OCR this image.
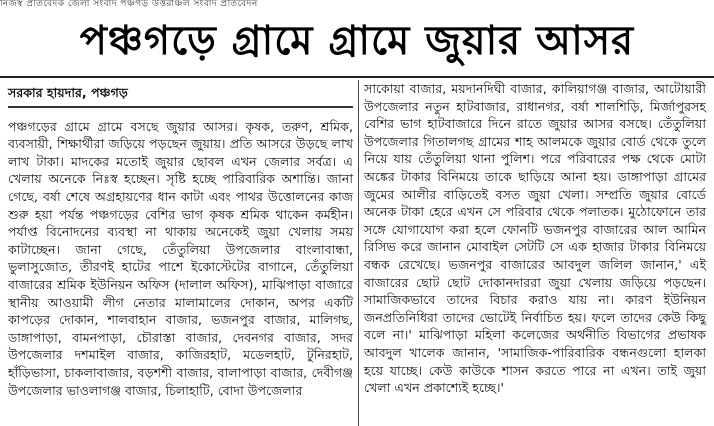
নিজস্ব প্রতিবেদক জেলা সংবাদ পঞ্চগড় উত্তরাঞ্চল সংবাদ প্রতিবেদন
পঞ্চগড়ে গ্রামে গ্রামে জুয়ার আসর
সরকার হায়দার, পঞ্চগড়

পঞ্চগড়ের গ্রামে গ্রামে বসছে জুয়ার আসর। কৃষক, তরুণ, শ্রমিক, ব্যবসায়ী, শিক্ষার্থীরা জড়িয়ে পড়ছেন জুয়ায়। প্রতি আসরে উড়ছে লাখ লাখ টাকা। মাদকের মতোই জুয়ার ছোবল এখন জেলার সর্বত্র। এ খেলায় অনেকে নিঃস্ব হচ্ছেন। সৃষ্টি হচ্ছে পারিবারিক অশান্তি। জানা গেছে, বর্ষা শেষে অগ্রহায়ণের ধান কাটা এবং পাথর উত্তোলনের কাজ শুরু হয়া পর্যন্ত পঞ্চগড়ের বেশির ভাগ কৃষক শ্রমিক থাকেন কর্মহীন। পর্যাপ্ত বিনোদনের ব্যবস্থা না থাকায় অনেকেই জুয়া খেলায় সময় কাটাচ্ছেন। জানা গেছে, তেঁতুলিয়া উপজেলার বাংলাবান্ধা, ভুলাসুজোত, তীরণই হাটের পাশে ইকোস্টেটের বাগানে, তেঁতুলিয়া বাজারের শ্রমিক ইউনিয়ন অফিস (দালাল অফিস), মাঝিপাড়া বাজারে স্থানীয় আওয়ামী লীগ নেতার মালামালের দোকান, অপর একটি কাপড়ের দোকান, শালবাহান বাজার, ভজনপুর বাজার, মালিগছ, ডাঙ্গাপাড়া, বামনপাড়া, চৌরাস্তা বাজার, দেবনগর বাজার, সদর উপজেলার দশমাইল বাজার, কাজিরহাট, মডেলহাট, টুনিরহাট, হাঁড়িভাসা, চাকলাবাজার, বড়শশী বাজার, বালাপাড়া বাজার, দেবীগঞ্জ উপজেলার ভাওলাগঞ্জ বাজার, চিলাহাটি, বোদা উপজেলার

সাকোয়া বাজার, ময়দানদিঘী বাজার, কালিয়াগঞ্জ বাজার, আটোয়ারী উপজেলার নতুন হাটবাজার, রাধানগর, বর্ষা শালশিড়ি, মির্জাপুরসহ বেশির ভাগ হাটবাজারে দিনে রাতে জুয়ার আসর বসছে। তেঁতুলিয়া উপজেলার গিতালগছ গ্রামের শাহ আলমকে জুয়ার বোর্ড থেকে তুলে নিয়ে যায় তেঁতুলিয়া থানা পুলিশ। পরে পরিবারের পক্ষ থেকে মোটা অঙ্কের টাকার বিনিময়ে তাকে ছাড়িয়ে আনা হয়। ডাঙ্গাপাড়া গ্রামের জুমের আলীর বাড়িতেই বসত জুয়া খেলা। সম্প্রতি জুয়ার বোর্ডে অনেক টাকা হেরে এখন সে পরিবার থেকে পলাতক। মুঠোফোনে তার সঙ্গে যোগাযোগ করা হলে ফোনটি ভজনপুর বাজারের আল আমিন রিসিভ করে জানান মোবাইল সেটটি সে এক হাজার টাকার বিনিময়ে বন্ধক রেখেছে। ভজনপুর বাজারের আবদুল জলিল জানান,' এই বাজারের ছোট ছোট দোকানদাররা জুয়া খেলায় জড়িয়ে পড়ছেন। সামাজিকভাবে তাদের বিচার করাও যায় না। কারণ ইউনিয়ন জনপ্রতিনিধিরা তাদের ভোটেই নির্বাচিত হয়। ফলে তাদের কেউ কিছু বলে না।' মাঝিপাড়া মহিলা কলেজের অর্থনীতি বিভাগের প্রভাষক আবদুল খালেক জানান, 'সামাজিক-পারিবারিক বন্ধনগুলো হালকা হয়ে যাচ্ছে। কেউ কাউকে শাসন করতে পারে না এখন। তাই জুয়া খেলা এখন প্রকাশ্যেই হচ্ছে।'
